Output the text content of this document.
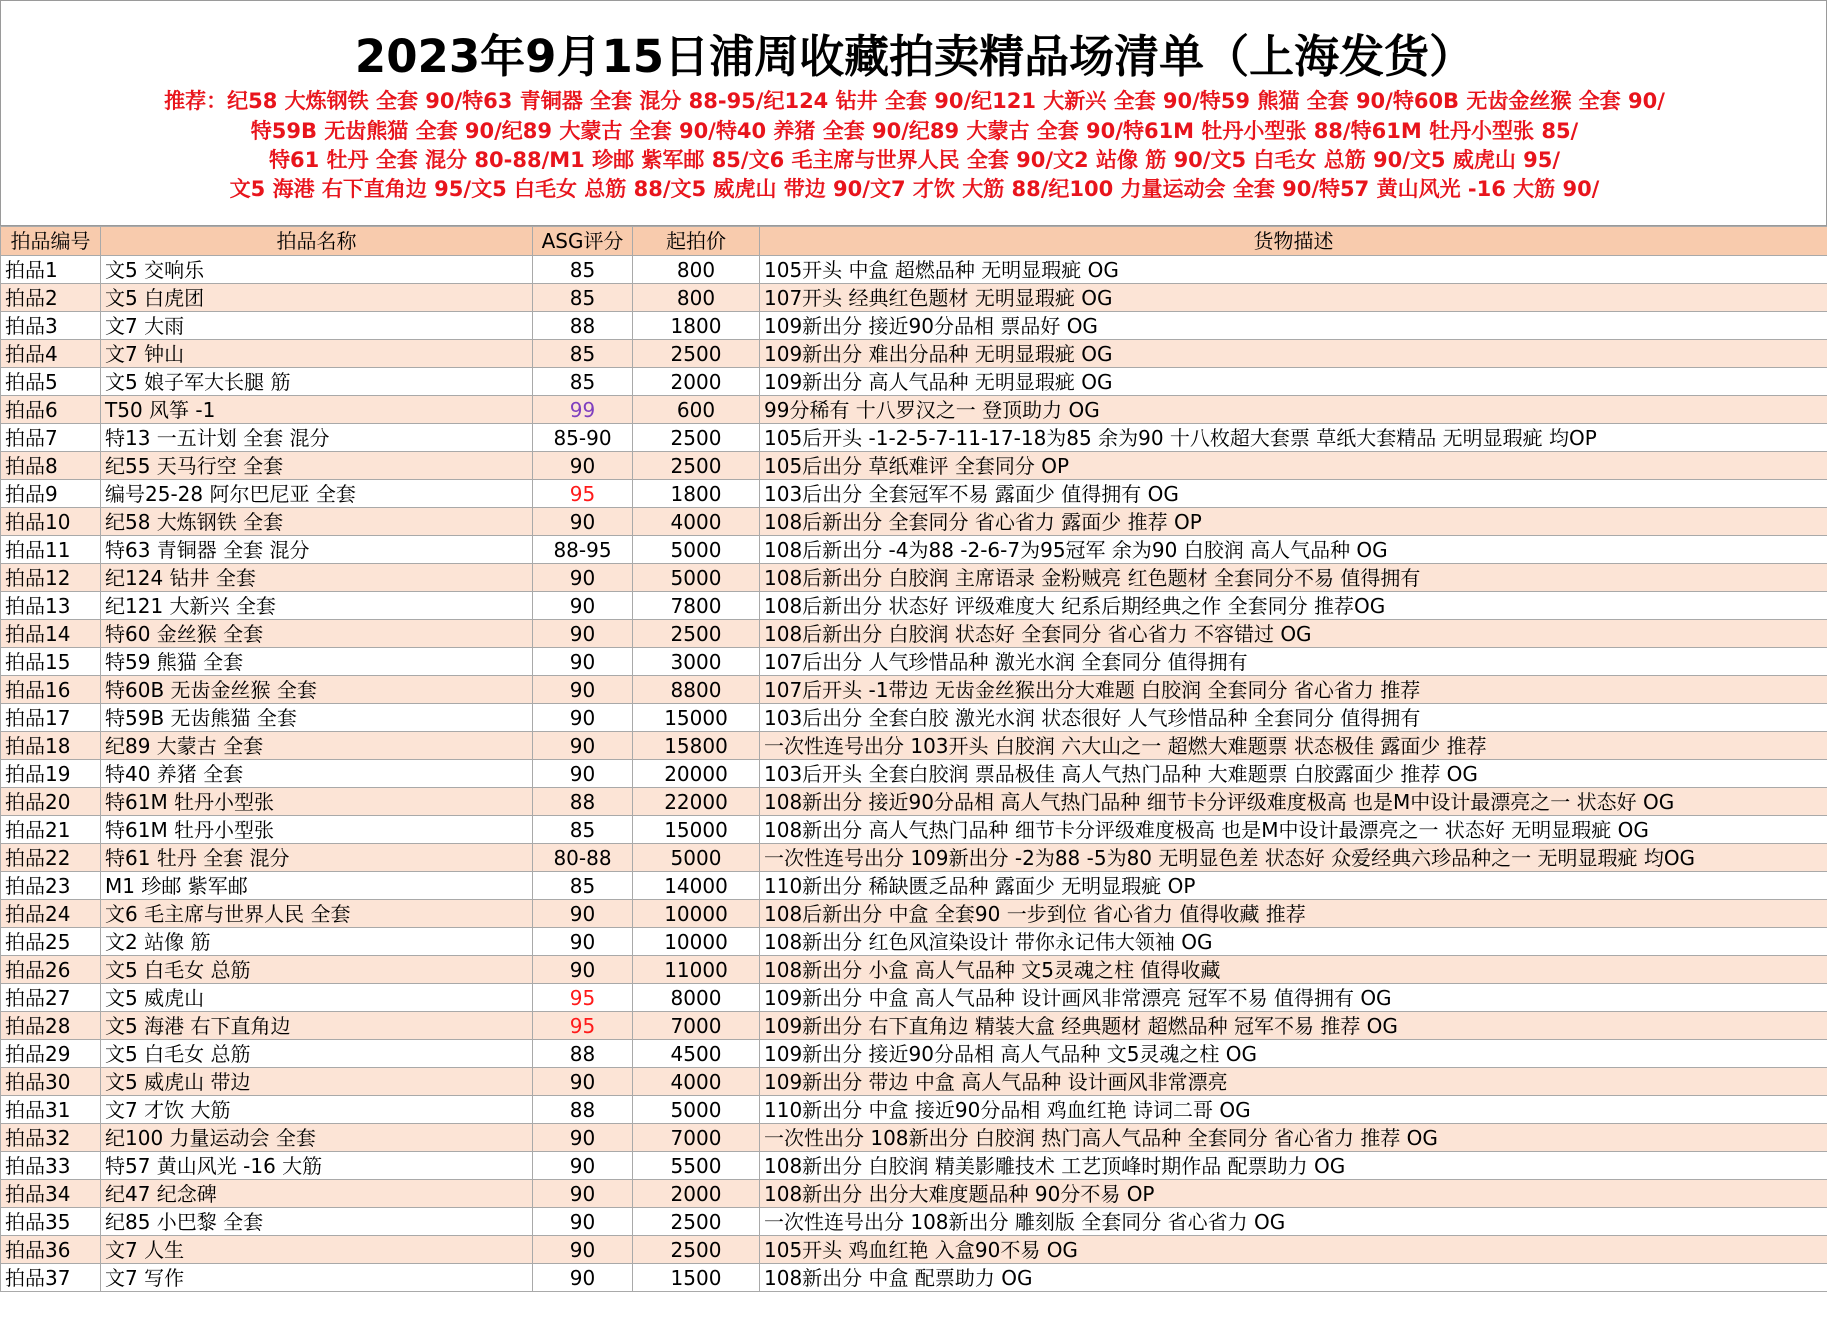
2023年9月15日浦周收藏拍卖精品场清单（上海发货）
推荐：纪58 大炼钢铁 全套 90/特63 青铜器 全套 混分 88-95/纪124 钻井 全套 90/纪121 大新兴 全套 90/特59 熊猫 全套 90/特60B 无齿金丝猴 全套 90/
特59B 无齿熊猫 全套 90/纪89 大蒙古 全套 90/特40 养猪 全套 90/纪89 大蒙古 全套 90/特61M 牡丹小型张 88/特61M 牡丹小型张 85/
特61 牡丹 全套 混分 80-88/M1 珍邮 紫军邮 85/文6 毛主席与世界人民 全套 90/文2 站像 筋 90/文5 白毛女 总筋 90/文5 威虎山 95/
文5 海港 右下直角边 95/文5 白毛女 总筋 88/文5 威虎山 带边 90/文7 才饮 大筋 88/纪100 力量运动会 全套 90/特57 黄山风光 -16 大筋 90/
拍品编号	拍品名称	ASG评分	起拍价	货物描述
拍品1	文5 交响乐	85	800	105开头 中盒 超燃品种 无明显瑕疵 OG
拍品2	文5 白虎团	85	800	107开头 经典红色题材 无明显瑕疵 OG
拍品3	文7 大雨	88	1800	109新出分 接近90分品相 票品好 OG
拍品4	文7 钟山	85	2500	109新出分 难出分品种 无明显瑕疵 OG
拍品5	文5 娘子军大长腿 筋	85	2000	109新出分 高人气品种 无明显瑕疵 OG
拍品6	T50 风筝 -1	99	600	99分稀有 十八罗汉之一 登顶助力 OG
拍品7	特13 一五计划 全套 混分	85-90	2500	105后开头 -1-2-5-7-11-17-18为85 余为90 十八枚超大套票 草纸大套精品 无明显瑕疵 均OP
拍品8	纪55 天马行空 全套	90	2500	105后出分 草纸难评 全套同分 OP
拍品9	编号25-28 阿尔巴尼亚 全套	95	1800	103后出分 全套冠军不易 露面少 值得拥有 OG
拍品10	纪58 大炼钢铁 全套	90	4000	108后新出分 全套同分 省心省力 露面少 推荐 OP
拍品11	特63 青铜器 全套 混分	88-95	5000	108后新出分 -4为88 -2-6-7为95冠军 余为90 白胶润 高人气品种 OG
拍品12	纪124 钻井 全套	90	5000	108后新出分 白胶润 主席语录 金粉贼亮 红色题材 全套同分不易 值得拥有
拍品13	纪121 大新兴 全套	90	7800	108后新出分 状态好 评级难度大 纪系后期经典之作 全套同分 推荐OG
拍品14	特60 金丝猴 全套	90	2500	108后新出分 白胶润 状态好 全套同分 省心省力 不容错过 OG
拍品15	特59 熊猫 全套	90	3000	107后出分 人气珍惜品种 激光水润 全套同分 值得拥有
拍品16	特60B 无齿金丝猴 全套	90	8800	107后开头 -1带边 无齿金丝猴出分大难题 白胶润 全套同分 省心省力 推荐
拍品17	特59B 无齿熊猫 全套	90	15000	103后出分 全套白胶 激光水润 状态很好 人气珍惜品种 全套同分 值得拥有
拍品18	纪89 大蒙古 全套	90	15800	一次性连号出分 103开头 白胶润 六大山之一 超燃大难题票 状态极佳 露面少 推荐
拍品19	特40 养猪 全套	90	20000	103后开头 全套白胶润 票品极佳 高人气热门品种 大难题票 白胶露面少 推荐 OG
拍品20	特61M 牡丹小型张	88	22000	108新出分 接近90分品相 高人气热门品种 细节卡分评级难度极高 也是M中设计最漂亮之一 状态好 OG
拍品21	特61M 牡丹小型张	85	15000	108新出分 高人气热门品种 细节卡分评级难度极高 也是M中设计最漂亮之一 状态好 无明显瑕疵 OG
拍品22	特61 牡丹 全套 混分	80-88	5000	一次性连号出分 109新出分 -2为88 -5为80 无明显色差 状态好 众爱经典六珍品种之一 无明显瑕疵 均OG
拍品23	M1 珍邮 紫军邮	85	14000	110新出分 稀缺匮乏品种 露面少 无明显瑕疵 OP
拍品24	文6 毛主席与世界人民 全套	90	10000	108后新出分 中盒 全套90 一步到位 省心省力 值得收藏 推荐
拍品25	文2 站像 筋	90	10000	108新出分 红色风渲染设计 带你永记伟大领袖 OG
拍品26	文5 白毛女 总筋	90	11000	108新出分 小盒 高人气品种 文5灵魂之柱 值得收藏
拍品27	文5 威虎山	95	8000	109新出分 中盒 高人气品种 设计画风非常漂亮 冠军不易 值得拥有 OG
拍品28	文5 海港 右下直角边	95	7000	109新出分 右下直角边 精装大盒 经典题材 超燃品种 冠军不易 推荐 OG
拍品29	文5 白毛女 总筋	88	4500	109新出分 接近90分品相 高人气品种 文5灵魂之柱 OG
拍品30	文5 威虎山 带边	90	4000	109新出分 带边 中盒 高人气品种 设计画风非常漂亮
拍品31	文7 才饮 大筋	88	5000	110新出分 中盒 接近90分品相 鸡血红艳 诗词二哥 OG
拍品32	纪100 力量运动会 全套	90	7000	一次性出分 108新出分 白胶润 热门高人气品种 全套同分 省心省力 推荐 OG
拍品33	特57 黄山风光 -16 大筋	90	5500	108新出分 白胶润 精美影雕技术 工艺顶峰时期作品 配票助力 OG
拍品34	纪47 纪念碑	90	2000	108新出分 出分大难度题品种 90分不易 OP
拍品35	纪85 小巴黎 全套	90	2500	一次性连号出分 108新出分 雕刻版 全套同分 省心省力 OG
拍品36	文7 人生	90	2500	105开头 鸡血红艳 入盒90不易 OG
拍品37	文7 写作	90	1500	108新出分 中盒 配票助力 OG
